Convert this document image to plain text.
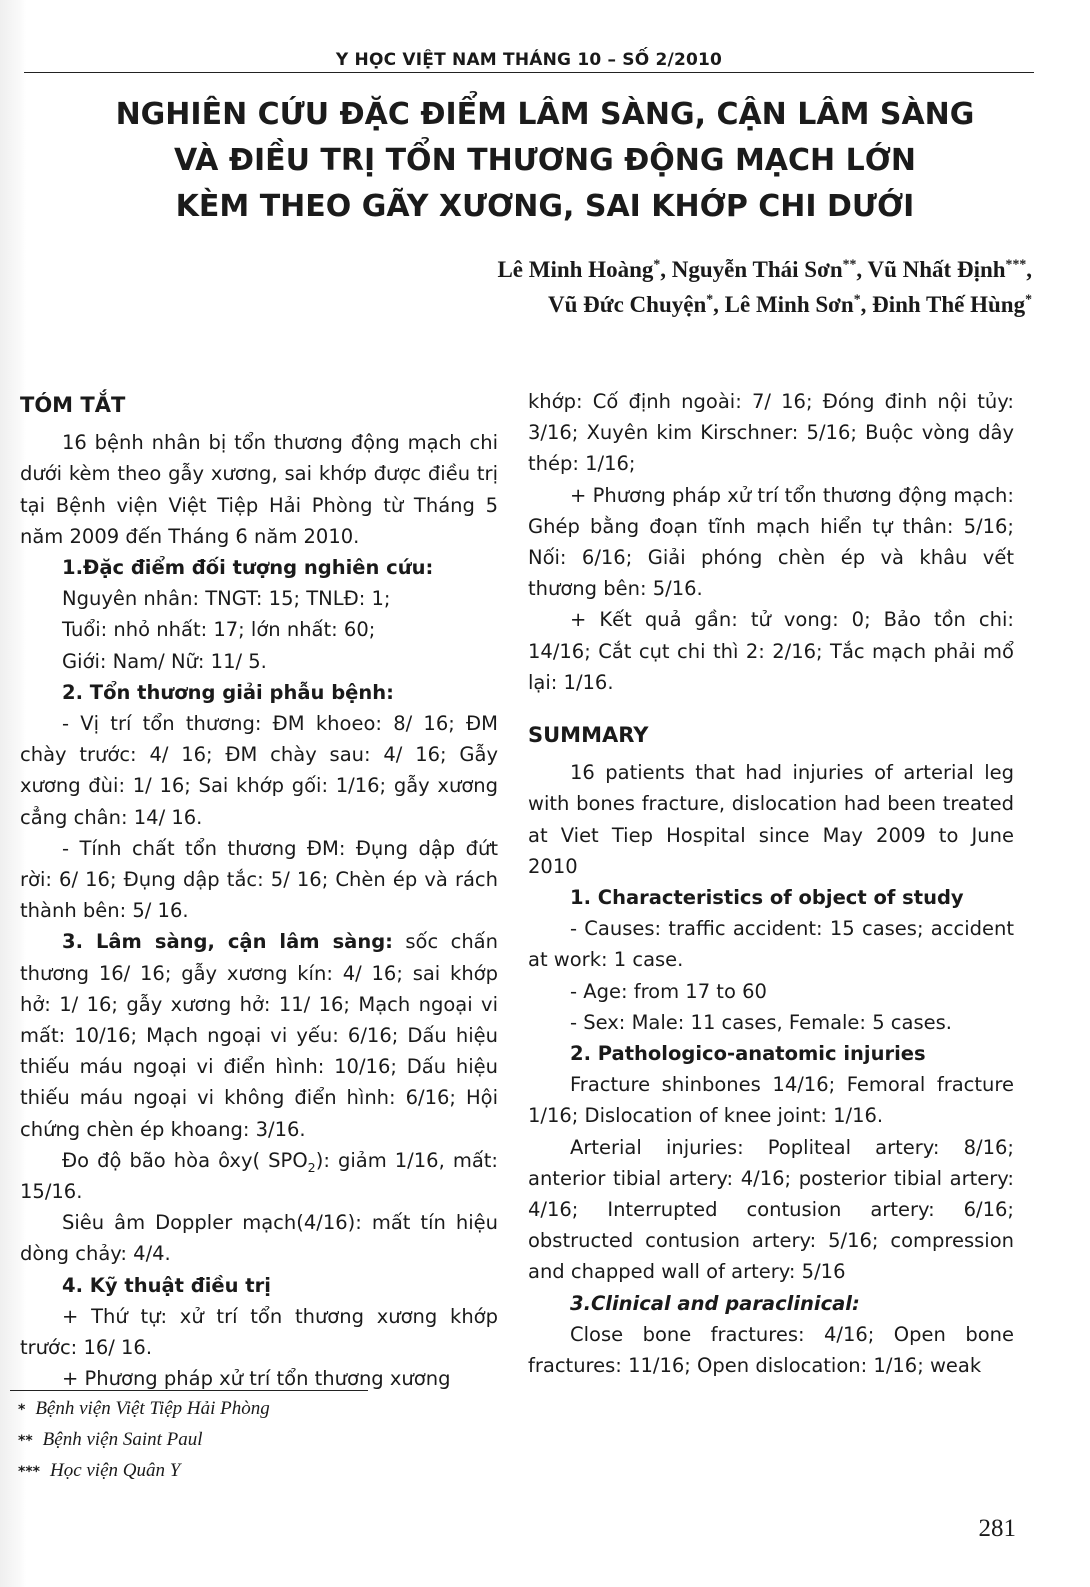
Y HỌC VIỆT NAM THÁNG 10 – SỐ 2/2010
NGHIÊN CỨU ĐẶC ĐIỂM LÂM SÀNG, CẬN LÂM SÀNG
VÀ ĐIỀU TRỊ TỔN THƯƠNG ĐỘNG MẠCH LỚN
KÈM THEO GÃY XƯƠNG, SAI KHỚP CHI DƯỚI
Lê Minh Hoàng*, Nguyễn Thái Sơn**, Vũ Nhất Định***,
Vũ Đức Chuyện*, Lê Minh Sơn*, Đinh Thế Hùng*
TÓM TẮT

16 bệnh nhân bị tổn thương động mạch chi dưới kèm theo gẫy xương, sai khớp được điều trị tại Bệnh viện Việt Tiệp Hải Phòng từ Tháng 5 năm 2009 đến Tháng 6 năm 2010.

1.Đặc điểm đối tượng nghiên cứu:

Nguyên nhân: TNGT: 15; TNLĐ: 1;

Tuổi: nhỏ nhất: 17; lớn nhất: 60;

Giới: Nam/ Nữ: 11/ 5.

2. Tổn thương giải phẫu bệnh:

- Vị trí tổn thương: ĐM khoeo: 8/ 16; ĐM chày trước: 4/ 16; ĐM chày sau: 4/ 16; Gẫy xương đùi: 1/ 16; Sai khớp gối: 1/16; gẫy xương cẳng chân: 14/ 16.

- Tính chất tổn thương ĐM: Đụng dập đứt rời: 6/ 16; Đụng dập tắc: 5/ 16; Chèn ép và rách thành bên: 5/ 16.

3. Lâm sàng, cận lâm sàng: sốc chấn thương 16/ 16; gẫy xương kín: 4/ 16; sai khớp hở: 1/ 16; gẫy xương hở: 11/ 16; Mạch ngoại vi mất: 10/16; Mạch ngoại vi yếu: 6/16; Dấu hiệu thiếu máu ngoại vi điển hình: 10/16; Dấu hiệu thiếu máu ngoại vi không điển hình: 6/16; Hội chứng chèn ép khoang: 3/16.

Đo độ bão hòa ôxy( $SPO_2$): giảm 1/16, mất: 15/16.

Siêu âm Doppler mạch(4/16): mất tín hiệu dòng chảy: 4/4.

4. Kỹ thuật điều trị

+ Thứ tự: xử trí tổn thương xương khớp trước: 16/ 16.

+ Phương pháp xử trí tổn thương xương

khớp: Cố định ngoài: 7/ 16; Đóng đinh nội tủy: 3/16; Xuyên kim Kirschner: 5/16; Buộc vòng dây thép: 1/16;

+ Phương pháp xử trí tổn thương động mạch: Ghép bằng đoạn tĩnh mạch hiển tự thân: 5/16; Nối: 6/16; Giải phóng chèn ép và khâu vết thương bên: 5/16.

+ Kết quả gần: tử vong: 0; Bảo tồn chi: 14/16; Cắt cụt chi thì 2: 2/16; Tắc mạch phải mổ lại: 1/16.

SUMMARY

16 patients that had injuries of arterial leg with bones fracture, dislocation had been treated at Viet Tiep Hospital since May 2009 to June 2010

1. Characteristics of object of study

- Causes: traffic accident: 15 cases; accident at work: 1 case.

- Age: from 17 to 60

- Sex: Male: 11 cases, Female: 5 cases.

2. Pathologico-anatomic injuries

Fracture shinbones 14/16; Femoral fracture 1/16; Dislocation of knee joint: 1/16.

Arterial injuries: Popliteal artery: 8/16; anterior tibial artery: 4/16; posterior tibial artery: 4/16; Interrupted contusion artery: 6/16; obstructed contusion artery: 5/16; compression and chapped wall of artery: 5/16

3.Clinical and paraclinical:

Close bone fractures: 4/16; Open bone fractures: 11/16; Open dislocation: 1/16; weak

* Bệnh viện Việt Tiệp Hải Phòng
** Bệnh viện Saint Paul
*** Học viện Quân Y
281
